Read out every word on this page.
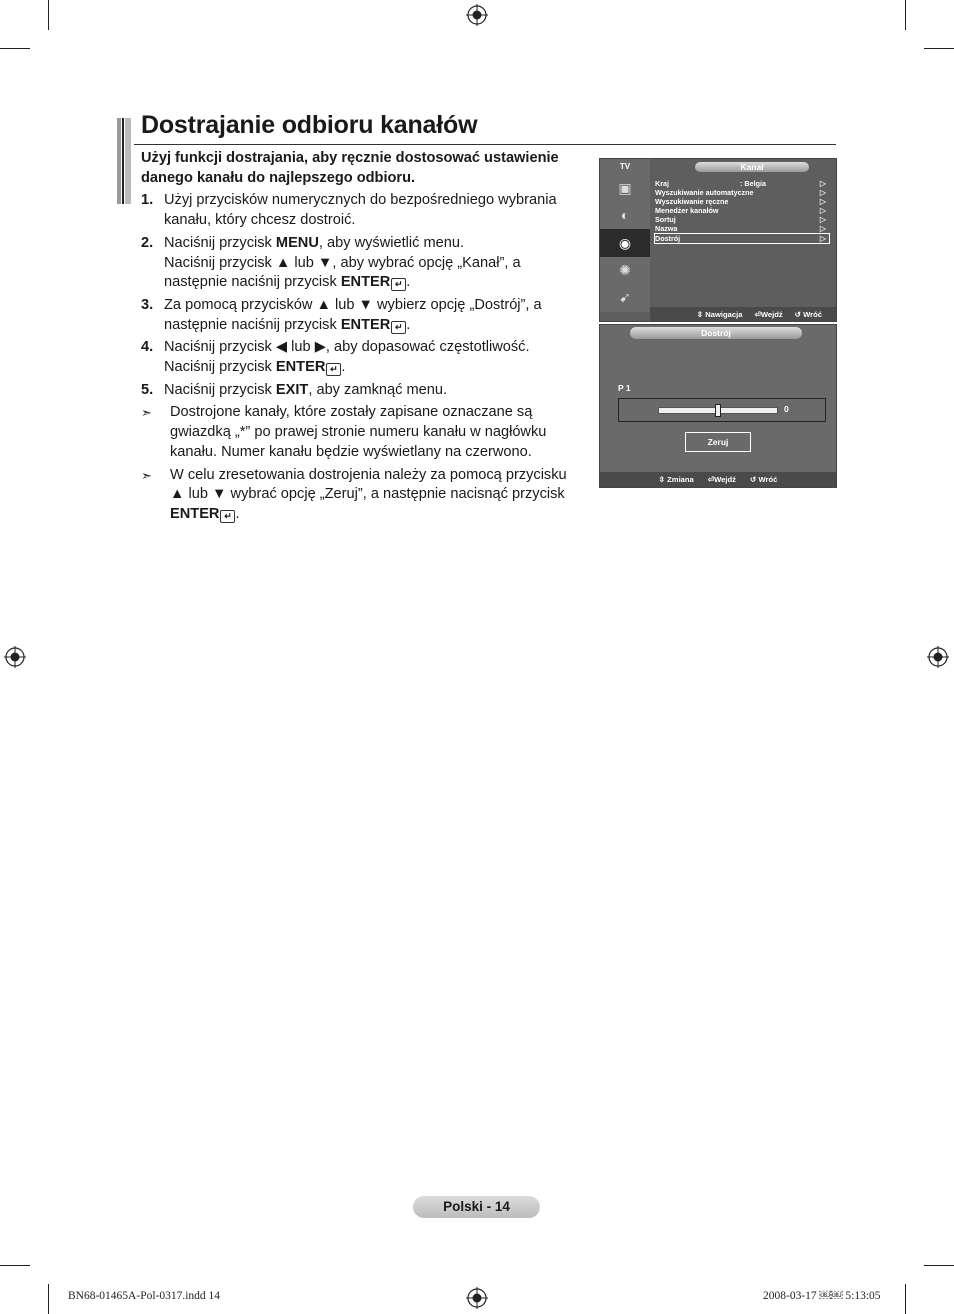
Dostrajanie odbioru kanałów

Użyj funkcji dostrajania, aby ręcznie dostosować ustawienie danego kanału do najlepszego odbioru.

1. Użyj przycisków numerycznych do bezpośredniego wybrania kanału, który chcesz dostroić.
2. Naciśnij przycisk MENU, aby wyświetlić menu.
Naciśnij przycisk ▲ lub ▼, aby wybrać opcję „Kanał”, a następnie naciśnij przycisk ENTER ↵ .
3. Za pomocą przycisków ▲ lub ▼ wybierz opcję „Dostrój”, a następnie naciśnij przycisk ENTER ↵ .
4. Naciśnij przycisk ◀ lub ▶, aby dopasować częstotliwość.
Naciśnij przycisk ENTER ↵ .
5. Naciśnij przycisk EXIT, aby zamknąć menu.
➣ Dostrojone kanały, które zostały zapisane oznaczane są gwiazdką „*” po prawej stronie numeru kanału w nagłówku kanału. Numer kanału będzie wyświetlany na czerwono.
➣ W celu zresetowania dostrojenia należy za pomocą przycisku ▲ lub ▼ wybrać opcję „Zeruj”, a następnie nacisnąć przycisk ENTER ↵ .
TV
▣
◐
◉
✺
➹
Kanał
Kraj	: Belgia	▷
Wyszukiwanie automatyczne	▷
Wyszukiwanie ręczne	▷
Menedżer kanałów	▷
Sortuj	▷
Nazwa	▷
Dostrój	▷
⇳ Nawigacja ⏎Wejdź ↺ Wróć
Dostrój
P 1
0
Zeruj
⇳ Zmiana ⏎Wejdź ↺ Wróć
Polski - 14
BN68-01465A-Pol-0317.indd 14	2008-03-17 ￼￼ 5:13:05
